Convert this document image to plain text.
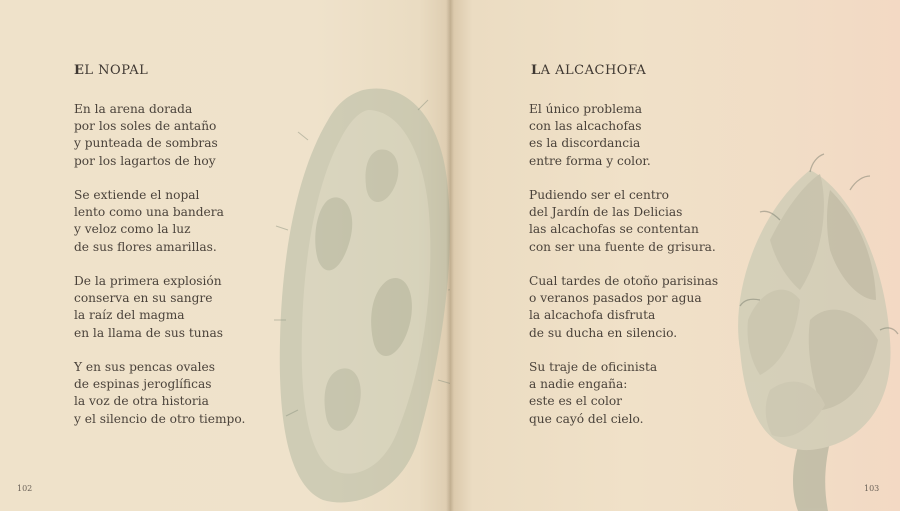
EL NOPAL

En la arena dorada
por los soles de antaño
y punteada de sombras
por los lagartos de hoy

Se extiende el nopal
lento como una bandera
y veloz como la luz
de sus flores amarillas.

De la primera explosión
conserva en su sangre
la raíz del magma
en la llama de sus tunas

Y en sus pencas ovales
de espinas jeroglíficas
la voz de otra historia
y el silencio de otro tiempo.

102
LA ALCACHOFA

El único problema
con las alcachofas
es la discordancia
entre forma y color.

Pudiendo ser el centro
del Jardín de las Delicias
las alcachofas se contentan
con ser una fuente de grisura.

Cual tardes de otoño parisinas
o veranos pasados por agua
la alcachofa disfruta
de su ducha en silencio.

Su traje de oficinista
a nadie engaña:
este es el color
que cayó del cielo.

103
